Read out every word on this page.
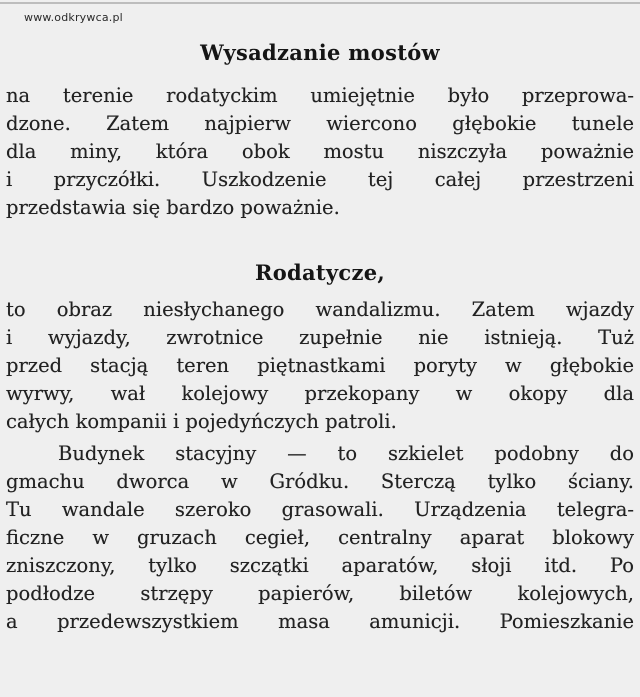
www.odkrywca.pl
Wysadzanie mostów
na terenie rodatyckim umiejętnie było przeprowa-
dzone. Zatem najpierw wiercono głębokie tunele
dla miny, która obok mostu niszczyła poważnie
i przyczółki. Uszkodzenie tej całej przestrzeni
przedstawia się bardzo poważnie.
Rodatycze,
to obraz niesłychanego wandalizmu. Zatem wjazdy
i wyjazdy, zwrotnice zupełnie nie istnieją. Tuż
przed stacją teren piętnastkami poryty w głębokie
wyrwy, wał kolejowy przekopany w okopy dla
całych kompanii i pojedyńczych patroli.
Budynek stacyjny — to szkielet podobny do
gmachu dworca w Gródku. Sterczą tylko ściany.
Tu wandale szeroko grasowali. Urządzenia telegra-
ficzne w gruzach cegieł, centralny aparat blokowy
zniszczony, tylko szczątki aparatów, słoji itd. Po
podłodze strzępy papierów, biletów kolejowych,
a przedewszystkiem masa amunicji. Pomieszkanie
